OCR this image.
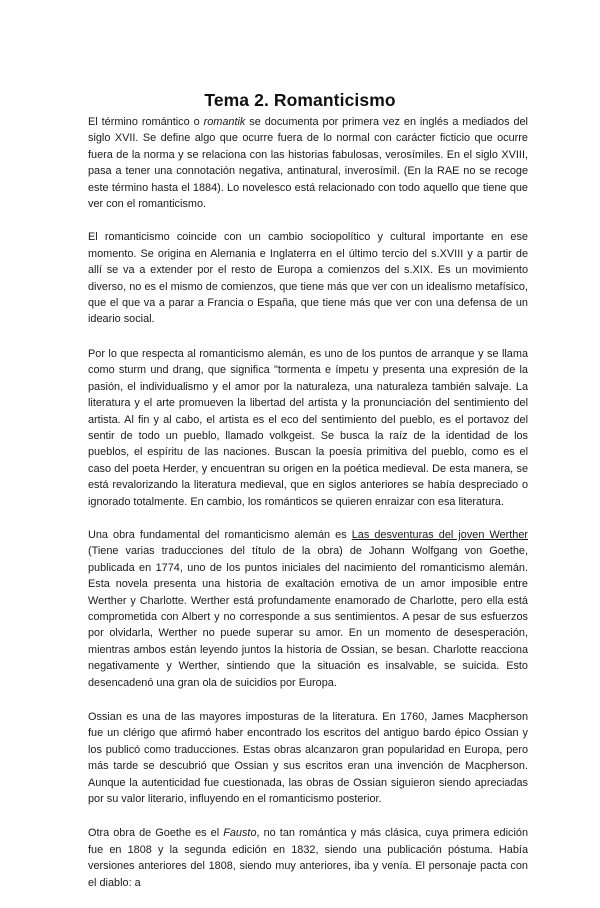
Tema 2. Romanticismo

El término romántico o romantik se documenta por primera vez en inglés a mediados del siglo XVII. Se define algo que ocurre fuera de lo normal con carácter ficticio que ocurre fuera de la norma y se relaciona con las historias fabulosas, verosímiles. En el siglo XVIII, pasa a tener una connotación negativa, antinatural, inverosímil. (En la RAE no se recoge este término hasta el 1884). Lo novelesco está relacionado con todo aquello que tiene que ver con el romanticismo.

El romanticismo coincide con un cambio sociopolítico y cultural importante en ese momento. Se origina en Alemania e Inglaterra en el último tercio del s.XVIII y a partir de allí se va a extender por el resto de Europa a comienzos del s.XIX. Es un movimiento diverso, no es el mismo de comienzos, que tiene más que ver con un idealismo metafísico, que el que va a parar a Francia o España, que tiene más que ver con una defensa de un ideario social.

Por lo que respecta al romanticismo alemán, es uno de los puntos de arranque y se llama como sturm und drang, que significa "tormenta e ímpetu y presenta una expresión de la pasión, el individualismo y el amor por la naturaleza, una naturaleza también salvaje. La literatura y el arte promueven la libertad del artista y la pronunciación del sentimiento del artista. Al fin y al cabo, el artista es el eco del sentimiento del pueblo, es el portavoz del sentir de todo un pueblo, llamado volkgeist. Se busca la raíz de la identidad de los pueblos, el espíritu de las naciones. Buscan la poesía primitiva del pueblo, como es el caso del poeta Herder, y encuentran su origen en la poética medieval. De esta manera, se está revalorizando la literatura medieval, que en siglos anteriores se había despreciado o ignorado totalmente. En cambio, los románticos se quieren enraizar con esa literatura.

Una obra fundamental del romanticismo alemán es Las desventuras del joven Werther (Tiene varias traducciones del título de la obra) de Johann Wolfgang von Goethe, publicada en 1774, uno de los puntos iniciales del nacimiento del romanticismo alemán. Esta novela presenta una historia de exaltación emotiva de un amor imposible entre Werther y Charlotte. Werther está profundamente enamorado de Charlotte, pero ella está comprometida con Albert y no corresponde a sus sentimientos. A pesar de sus esfuerzos por olvidarla, Werther no puede superar su amor. En un momento de desesperación, mientras ambos están leyendo juntos la historia de Ossian, se besan. Charlotte reacciona negativamente y Werther, sintiendo que la situación es insalvable, se suicida. Esto desencadenó una gran ola de suicidios por Europa.

Ossian es una de las mayores imposturas de la literatura. En 1760, James Macpherson fue un clérigo que afirmó haber encontrado los escritos del antiguo bardo épico Ossian y los publicó como traducciones. Estas obras alcanzaron gran popularidad en Europa, pero más tarde se descubrió que Ossian y sus escritos eran una invención de Macpherson. Aunque la autenticidad fue cuestionada, las obras de Ossian siguieron siendo apreciadas por su valor literario, influyendo en el romanticismo posterior.

Otra obra de Goethe es el Fausto, no tan romántica y más clásica, cuya primera edición fue en 1808 y la segunda edición en 1832, siendo una publicación póstuma. Había versiones anteriores del 1808, siendo muy anteriores, iba y venía. El personaje pacta con el diablo: a
